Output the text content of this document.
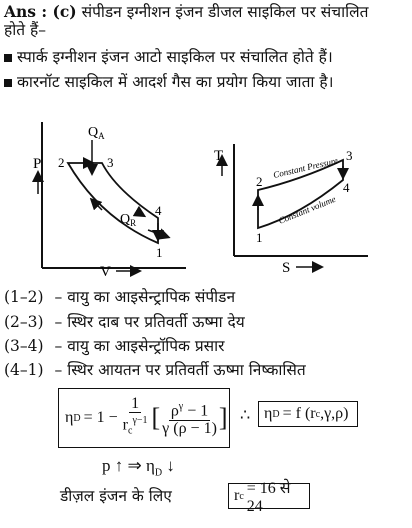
Ans : (c) संपीडन इग्नीशन इंजन डीजल साइकिल पर संचालित
होते हैं–
स्पार्क इग्नीशन इंजन आटो साइकिल पर संचालित होते हैं।
कारनॉट साइकिल में आदर्श गैस का प्रयोग किया जाता है।
P
V
$Q_A$
$Q_R$
1
2	3
4
T
S
Constant Pressure
Constant volume
1
2
3
4
(1–2) – वायु का आइसेन्ट्रापिक संपीडन
(2–3) – स्थिर दाब पर प्रतिवर्ती ऊष्मा देय
(3–4) – वायु का आइसेन्ट्रॉपिक प्रसार
(4–1) – स्थिर आयतन पर प्रतिवर्ती ऊष्मा निष्कासित
η $D = 1 - \frac{1}{r_c^{\gamma-1}}$ [ $\frac{\rho^\gamma - 1}{\gamma (\rho - 1)}$ ] ∴ η D = f (r c ,γ,ρ)
p ↑ ⇒ $\eta_D$ ↓
डीज़ल इंजन के लिए	r c = 16 से 24
